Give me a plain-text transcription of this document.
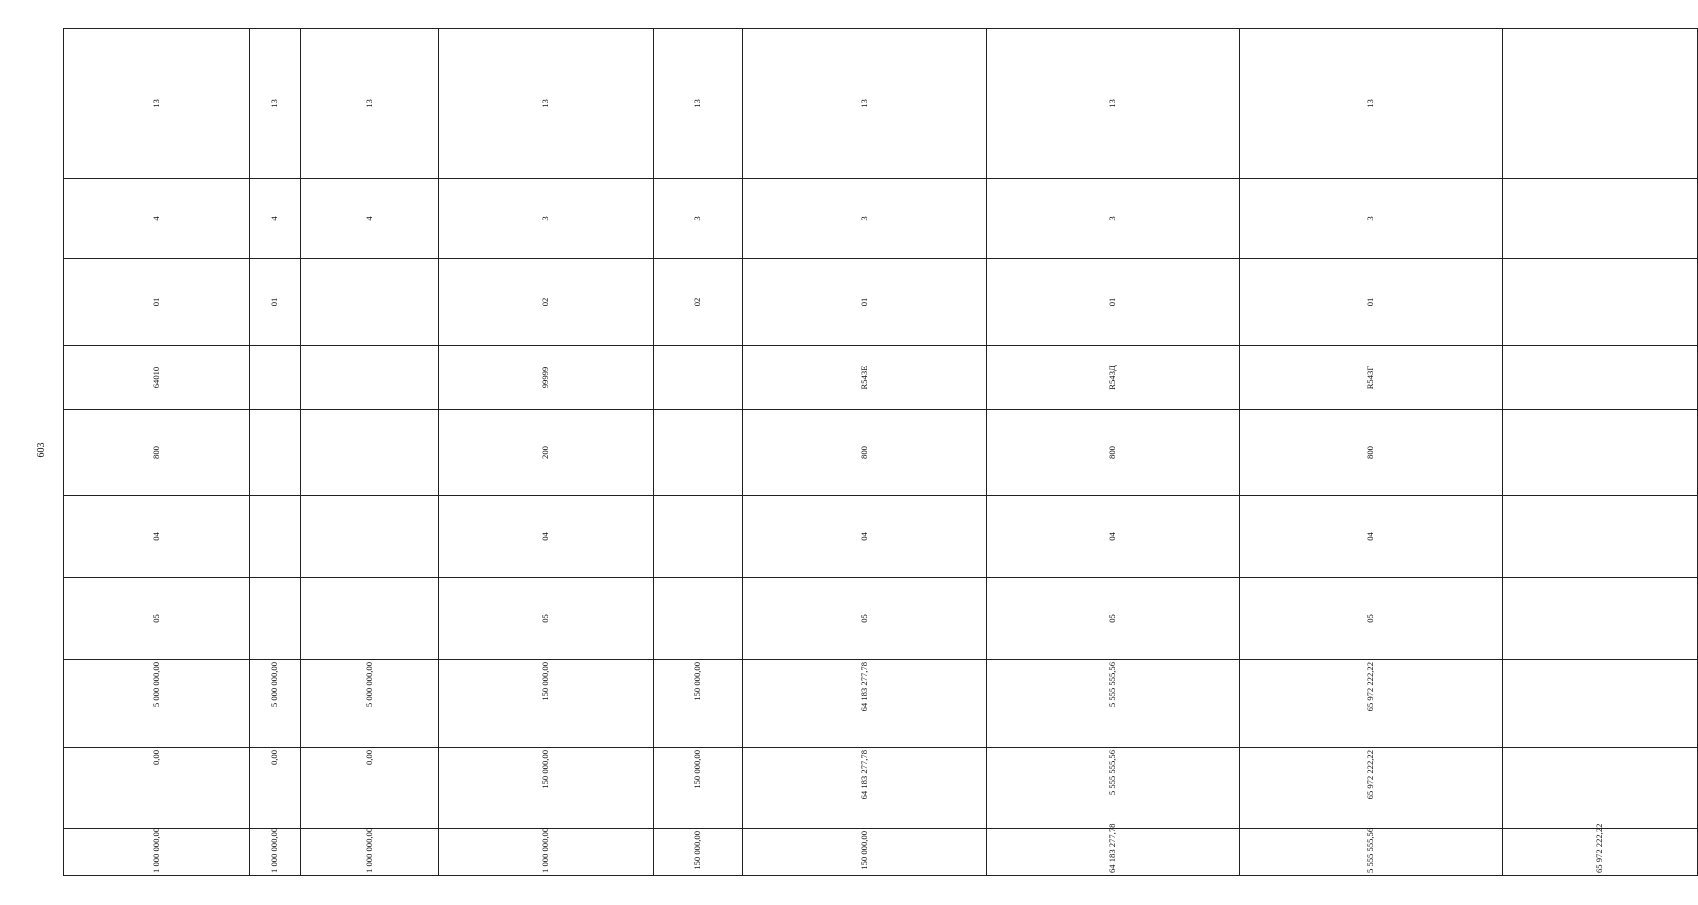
603
1 000 000,00	0,00	5 000 000,00	05	04	800	64010	01	4	13	
1 000 000,00	0,00	5 000 000,00					01	4	13	
1 000 000,00	0,00	5 000 000,00						4	13	
1 000 000,00	150 000,00	150 000,00	05	04	200	99999	02	3	13	
150 000,00	150 000,00	150 000,00					02	3	13	
150 000,00	64 183 277,78	64 183 277,78	05	04	800	R543Е	01	3	13	
64 183 277,78	5 555 555,56	5 555 555,56	05	04	800	R543Д	01	3	13	
5 555 555,56	65 972 222,22	65 972 222,22	05	04	800	R543Г	01	3	13	
65 972 222,22										
